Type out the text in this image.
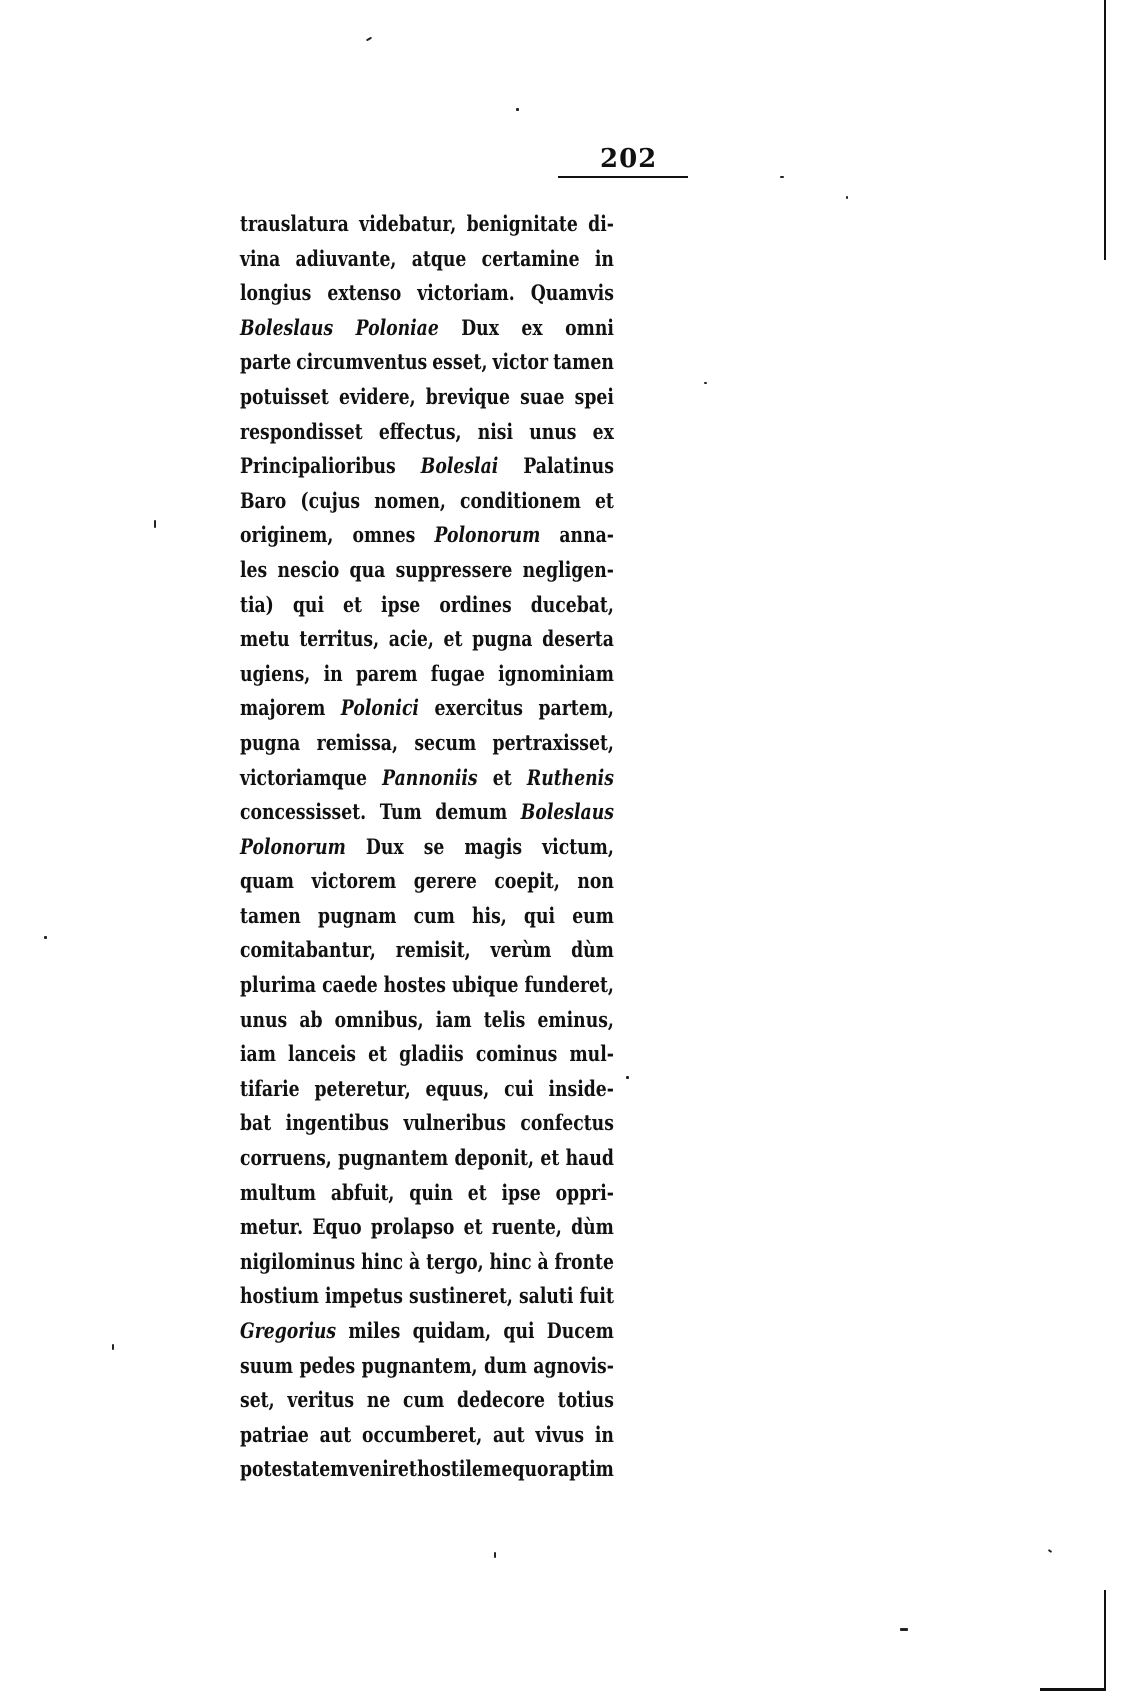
202
trauslatura videbatur, benignitate di-
vina adiuvante, atque certamine in
longius extenso victoriam. Quamvis
Boleslaus Poloniae Dux ex omni
parte circumventus esset, victor tamen
potuisset evidere, brevique suae spei
respondisset effectus, nisi unus ex
Principalioribus Boleslai Palatinus
Baro (cujus nomen, conditionem et
originem, omnes Polonorum anna-
les nescio qua suppressere negligen-
tia) qui et ipse ordines ducebat,
metu territus, acie, et pugna deserta
ugiens, in parem fugae ignominiam
majorem Polonici exercitus partem,
pugna remissa, secum pertraxisset,
victoriamque Pannoniis et Ruthenis
concessisset. Tum demum Boleslaus
Polonorum Dux se magis victum,
quam victorem gerere coepit, non
tamen pugnam cum his, qui eum
comitabantur, remisit, verùm dùm
plurima caede hostes ubique funderet,
unus ab omnibus, iam telis eminus,
iam lanceis et gladiis cominus mul-
tifarie peteretur, equus, cui inside-
bat ingentibus vulneribus confectus
corruens, pugnantem deponit, et haud
multum abfuit, quin et ipse oppri-
metur. Equo prolapso et ruente, dùm
nigilominus hinc à tergo, hinc à fronte
hostium impetus sustineret, saluti fuit
Gregorius miles quidam, qui Ducem
suum pedes pugnantem, dum agnovis-
set, veritus ne cum dedecore totius
patriae aut occumberet, aut vivus in
potestatem veniret hostilem equo raptim
